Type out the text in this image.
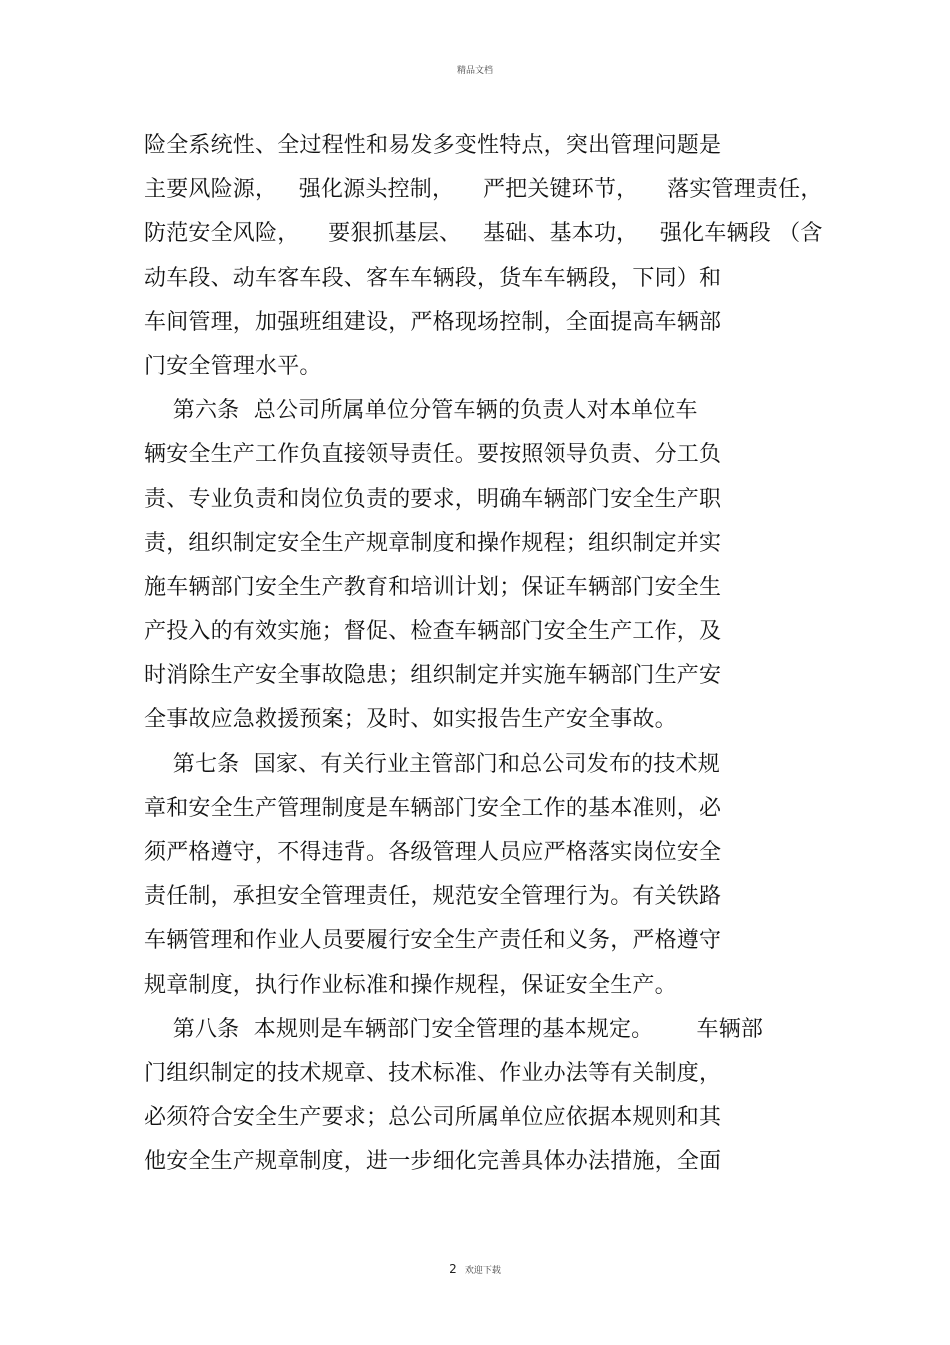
精品文档
险全系统性、全过程性和易发多变性特点，突出管理问题是
主要风险源，   强化源头控制，    严把关键环节，    落实管理责任，
防范安全风险，    要狠抓基层、   基础、基本功，   强化车辆段 （含
动车段、动车客车段、客车车辆段，货车车辆段，下同）和
车间管理，加强班组建设，严格现场控制，全面提高车辆部
门安全管理水平。
第六条  总公司所属单位分管车辆的负责人对本单位车
辆安全生产工作负直接领导责任。要按照领导负责、分工负
责、专业负责和岗位负责的要求，明确车辆部门安全生产职
责，组织制定安全生产规章制度和操作规程；组织制定并实
施车辆部门安全生产教育和培训计划；保证车辆部门安全生
产投入的有效实施；督促、检查车辆部门安全生产工作，及
时消除生产安全事故隐患；组织制定并实施车辆部门生产安
全事故应急救援预案；及时、如实报告生产安全事故。
第七条  国家、有关行业主管部门和总公司发布的技术规
章和安全生产管理制度是车辆部门安全工作的基本准则，必
须严格遵守，不得违背。各级管理人员应严格落实岗位安全
责任制，承担安全管理责任，规范安全管理行为。有关铁路
车辆管理和作业人员要履行安全生产责任和义务，严格遵守
规章制度，执行作业标准和操作规程，保证安全生产。
第八条  本规则是车辆部门安全管理的基本规定。      车辆部
门组织制定的技术规章、技术标准、作业办法等有关制度，
必须符合安全生产要求；总公司所属单位应依据本规则和其
他安全生产规章制度，进一步细化完善具体办法措施，全面
2 欢迎下载
